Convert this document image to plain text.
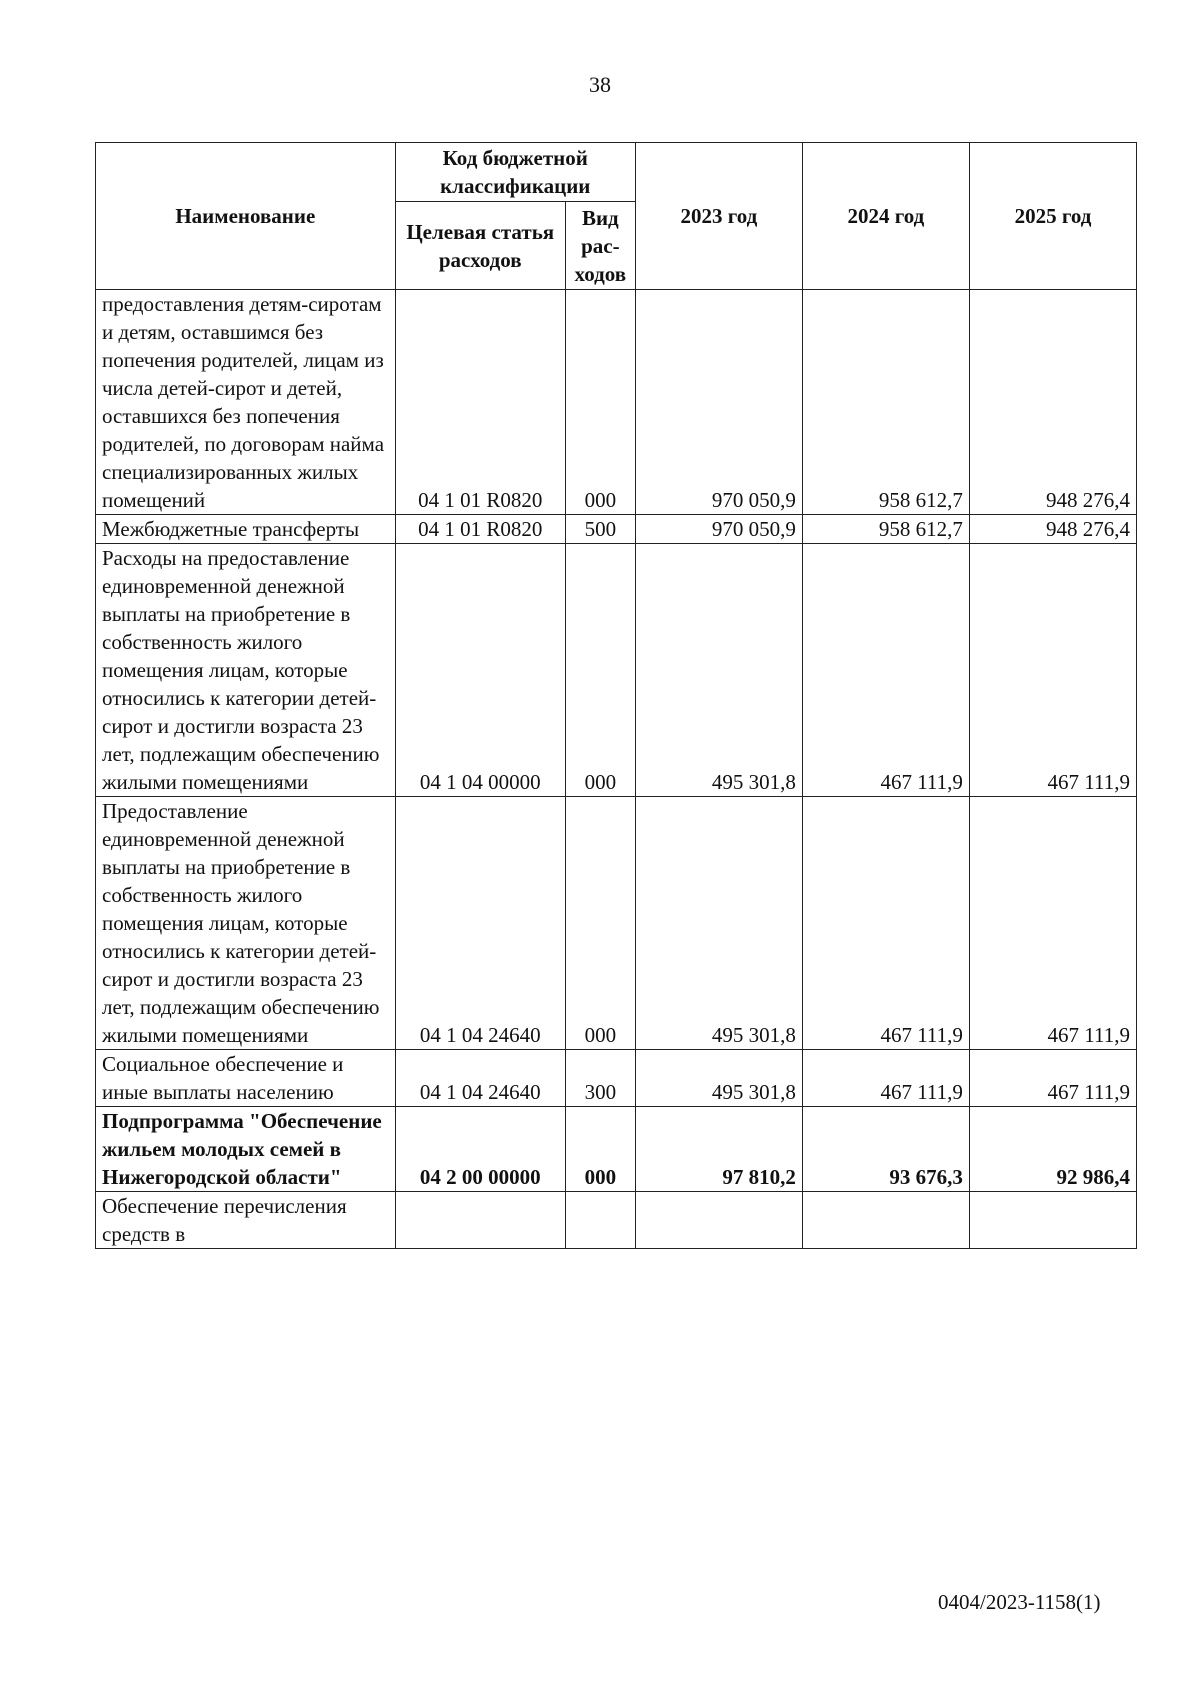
38
Наименование	Код бюджетной классификации		2023 год	2024 год	2025 год
	Целевая статья расходов	Вид рас-ходов			
предоставления детям-сиротам и детям, оставшимся без попечения родителей, лицам из числа детей-сирот и детей, оставшихся без попечения родителей, по договорам найма специализированных жилых помещений	04 1 01 R0820	000	970 050,9	958 612,7	948 276,4
Межбюджетные трансферты	04 1 01 R0820	500	970 050,9	958 612,7	948 276,4
Расходы на предоставление единовременной денежной выплаты на приобретение в собственность жилого помещения лицам, которые относились к категории детей-сирот и достигли возраста 23 лет, подлежащим обеспечению жилыми помещениями	04 1 04 00000	000	495 301,8	467 111,9	467 111,9
Предоставление единовременной денежной выплаты на приобретение в собственность жилого помещения лицам, которые относились к категории детей-сирот и достигли возраста 23 лет, подлежащим обеспечению жилыми помещениями	04 1 04 24640	000	495 301,8	467 111,9	467 111,9
Социальное обеспечение и иные выплаты населению	04 1 04 24640	300	495 301,8	467 111,9	467 111,9
Подпрограмма "Обеспечение жильем молодых семей в Нижегородской области"	04 2 00 00000	000	97 810,2	93 676,3	92 986,4
Обеспечение перечисления средств в					
0404/2023-1158(1)
